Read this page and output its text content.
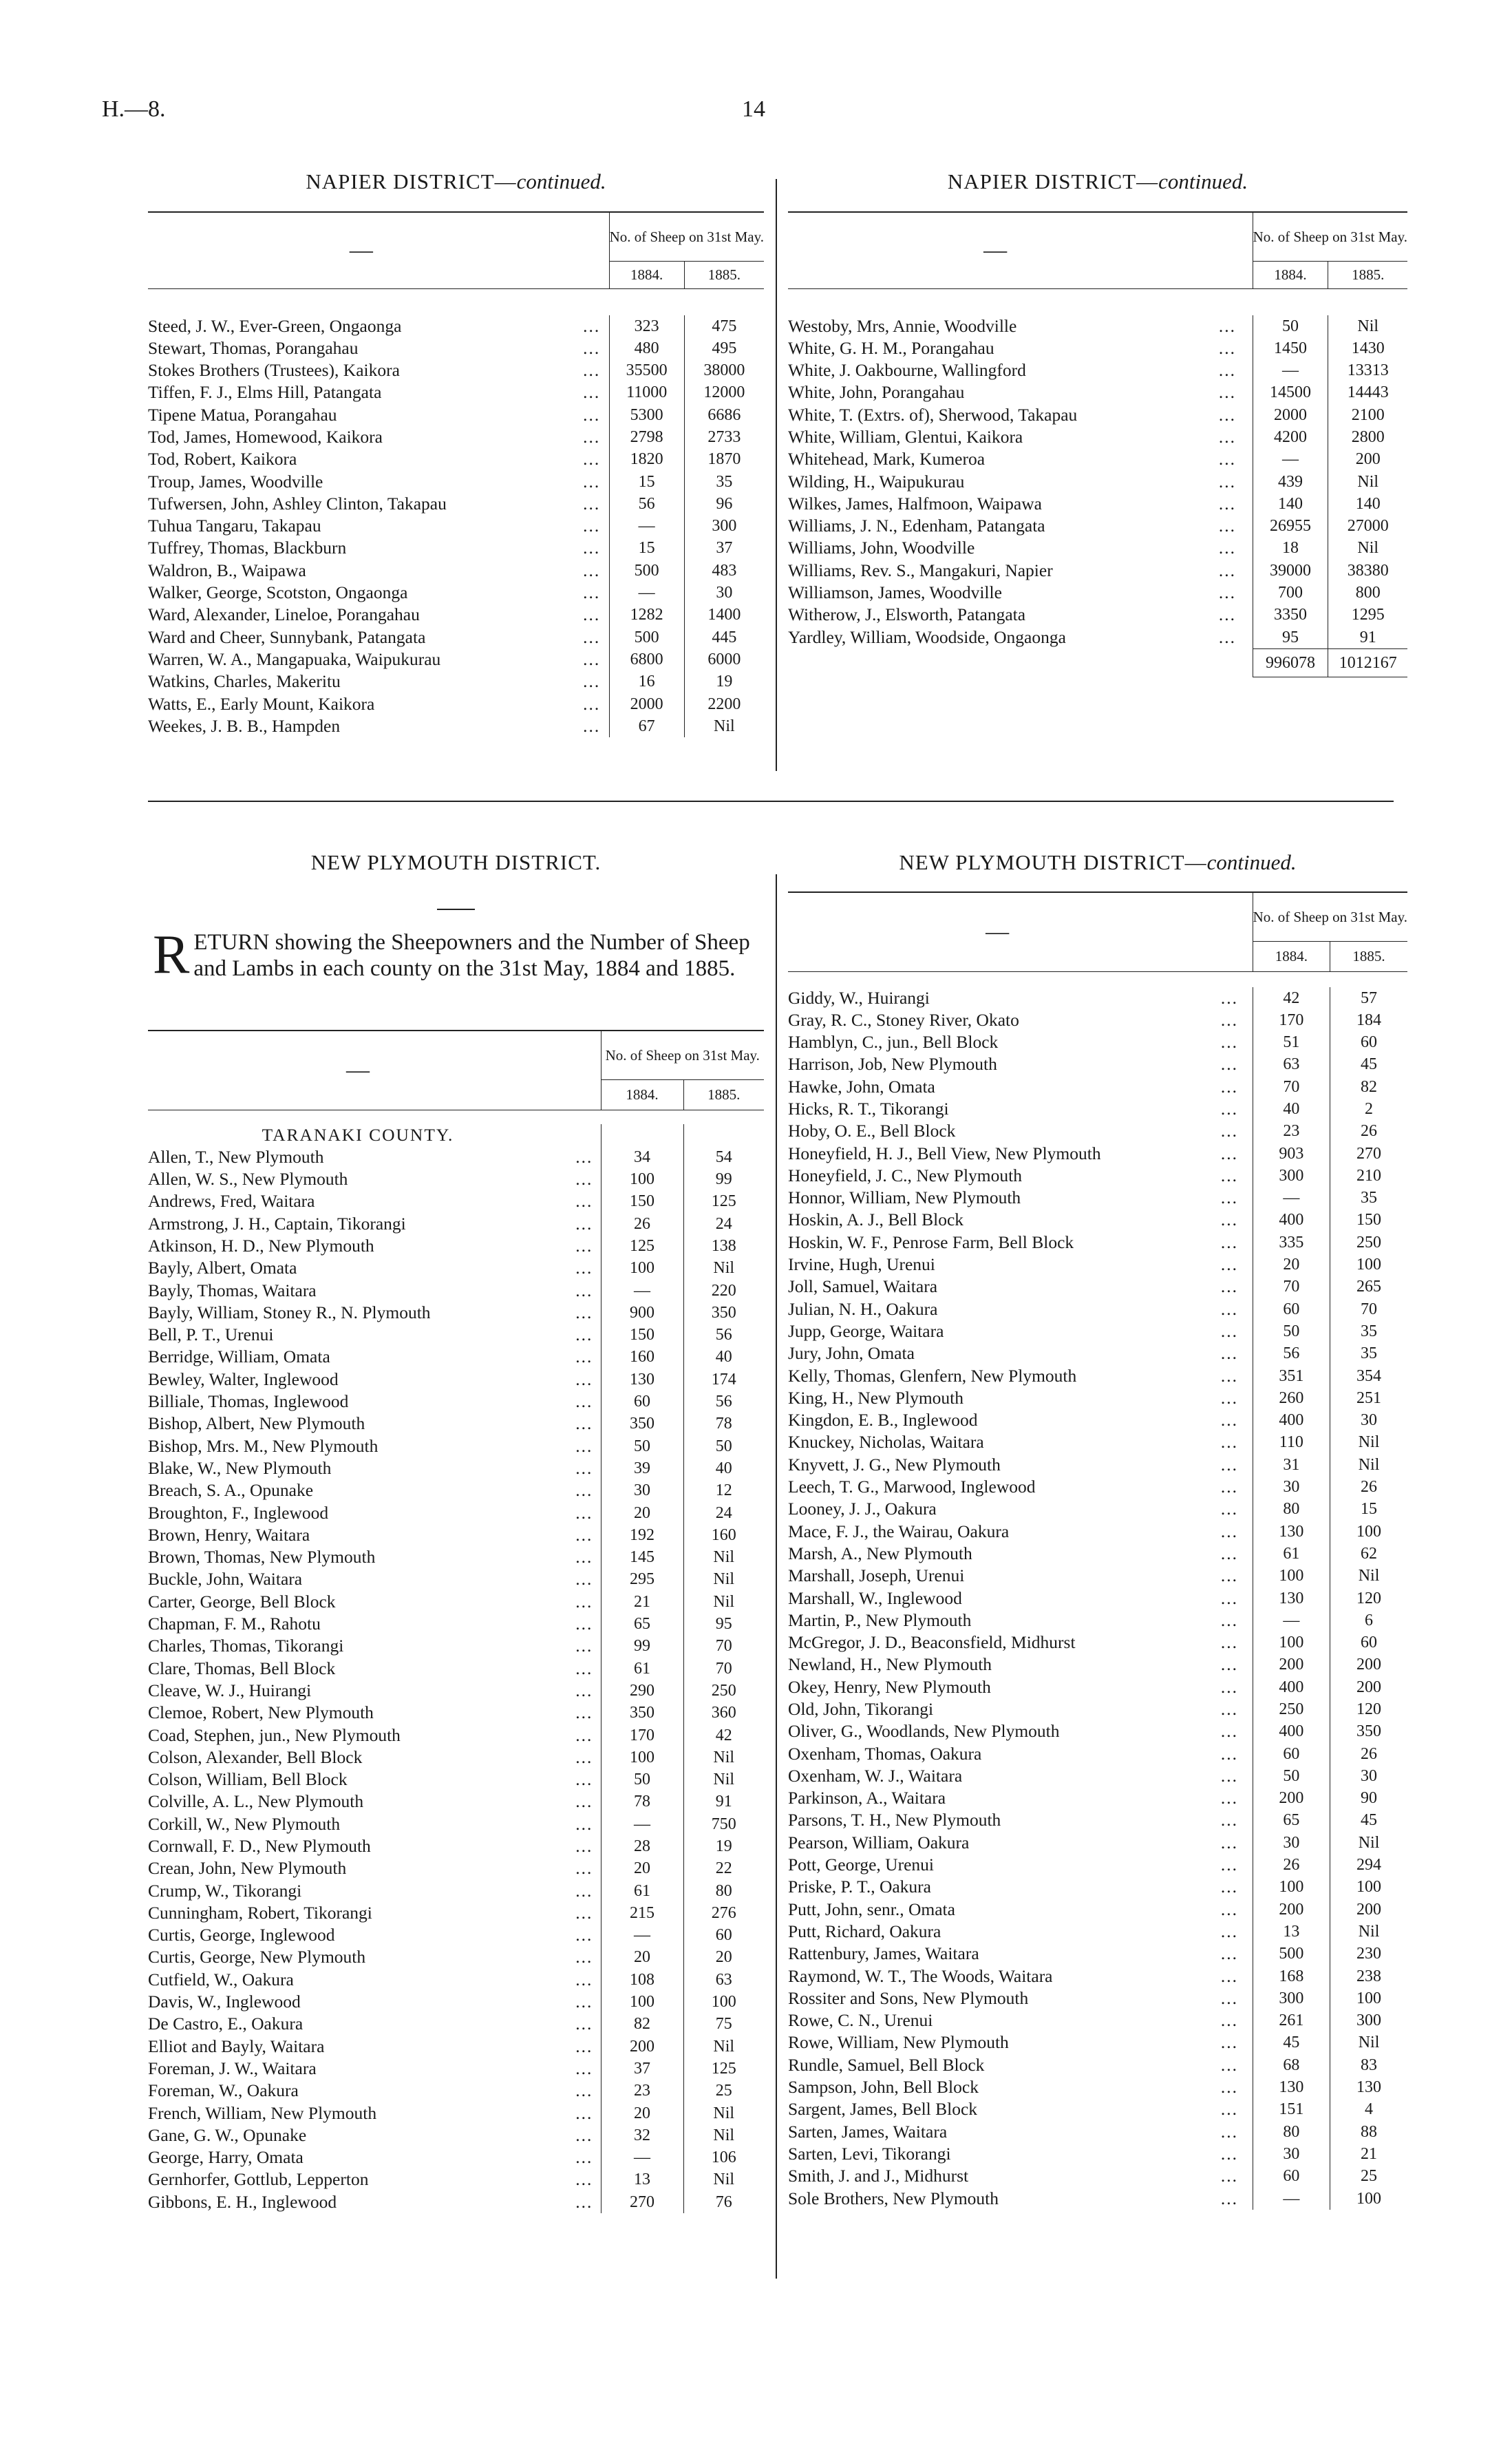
H.—8.	14
NAPIER DISTRICT—continued.
—		No. of Sheep on 31st May.	
		1884.	1885.

Steed, J. W., Ever-Green, Ongaonga	...	323	475
Stewart, Thomas, Porangahau	...	480	495
Stokes Brothers (Trustees), Kaikora	...	35500	38000
Tiffen, F. J., Elms Hill, Patangata	...	11000	12000
Tipene Matua, Porangahau	...	5300	6686
Tod, James, Homewood, Kaikora	...	2798	2733
Tod, Robert, Kaikora	...	1820	1870
Troup, James, Woodville	...	15	35
Tufwersen, John, Ashley Clinton, Takapau	...	56	96
Tuhua Tangaru, Takapau	...	—	300
Tuffrey, Thomas, Blackburn	...	15	37
Waldron, B., Waipawa	...	500	483
Walker, George, Scotston, Ongaonga	...	—	30
Ward, Alexander, Lineloe, Porangahau	...	1282	1400
Ward and Cheer, Sunnybank, Patangata	...	500	445
Warren, W. A., Mangapuaka, Waipukurau	...	6800	6000
Watkins, Charles, Makeritu	...	16	19
Watts, E., Early Mount, Kaikora	...	2000	2200
Weekes, J. B. B., Hampden	...	67	Nil
NAPIER DISTRICT—continued.
—		No. of Sheep on 31st May.	
		1884.	1885.

Westoby, Mrs, Annie, Woodville	...	50	Nil
White, G. H. M., Porangahau	...	1450	1430
White, J. Oakbourne, Wallingford	...	—	13313
White, John, Porangahau	...	14500	14443
White, T. (Extrs. of), Sherwood, Takapau	...	2000	2100
White, William, Glentui, Kaikora	...	4200	2800
Whitehead, Mark, Kumeroa	...	—	200
Wilding, H., Waipukurau	...	439	Nil
Wilkes, James, Halfmoon, Waipawa	...	140	140
Williams, J. N., Edenham, Patangata	...	26955	27000
Williams, John, Woodville	...	18	Nil
Williams, Rev. S., Mangakuri, Napier	...	39000	38380
Williamson, James, Woodville	...	700	800
Witherow, J., Elsworth, Patangata	...	3350	1295
Yardley, William, Woodside, Ongaonga	...	95	91
		996078	1012167
NEW PLYMOUTH DISTRICT.
RETURN showing the Sheepowners and the Number of Sheep and Lambs in each county on the 31st May, 1884 and 1885.
—		No. of Sheep on 31st May.	
		1884.	1885.

TARANAKI COUNTY.			
Allen, T., New Plymouth	...	34	54
Allen, W. S., New Plymouth	...	100	99
Andrews, Fred, Waitara	...	150	125
Armstrong, J. H., Captain, Tikorangi	...	26	24
Atkinson, H. D., New Plymouth	...	125	138
Bayly, Albert, Omata	...	100	Nil
Bayly, Thomas, Waitara	...	—	220
Bayly, William, Stoney R., N. Plymouth	...	900	350
Bell, P. T., Urenui	...	150	56
Berridge, William, Omata	...	160	40
Bewley, Walter, Inglewood	...	130	174
Billiale, Thomas, Inglewood	...	60	56
Bishop, Albert, New Plymouth	...	350	78
Bishop, Mrs. M., New Plymouth	...	50	50
Blake, W., New Plymouth	...	39	40
Breach, S. A., Opunake	...	30	12
Broughton, F., Inglewood	...	20	24
Brown, Henry, Waitara	...	192	160
Brown, Thomas, New Plymouth	...	145	Nil
Buckle, John, Waitara	...	295	Nil
Carter, George, Bell Block	...	21	Nil
Chapman, F. M., Rahotu	...	65	95
Charles, Thomas, Tikorangi	...	99	70
Clare, Thomas, Bell Block	...	61	70
Cleave, W. J., Huirangi	...	290	250
Clemoe, Robert, New Plymouth	...	350	360
Coad, Stephen, jun., New Plymouth	...	170	42
Colson, Alexander, Bell Block	...	100	Nil
Colson, William, Bell Block	...	50	Nil
Colville, A. L., New Plymouth	...	78	91
Corkill, W., New Plymouth	...	—	750
Cornwall, F. D., New Plymouth	...	28	19
Crean, John, New Plymouth	...	20	22
Crump, W., Tikorangi	...	61	80
Cunningham, Robert, Tikorangi	...	215	276
Curtis, George, Inglewood	...	—	60
Curtis, George, New Plymouth	...	20	20
Cutfield, W., Oakura	...	108	63
Davis, W., Inglewood	...	100	100
De Castro, E., Oakura	...	82	75
Elliot and Bayly, Waitara	...	200	Nil
Foreman, J. W., Waitara	...	37	125
Foreman, W., Oakura	...	23	25
French, William, New Plymouth	...	20	Nil
Gane, G. W., Opunake	...	32	Nil
George, Harry, Omata	...	—	106
Gernhorfer, Gottlub, Lepperton	...	13	Nil
Gibbons, E. H., Inglewood	...	270	76
NEW PLYMOUTH DISTRICT—continued.
—		No. of Sheep on 31st May.	
		1884.	1885.

Giddy, W., Huirangi	...	42	57
Gray, R. C., Stoney River, Okato	...	170	184
Hamblyn, C., jun., Bell Block	...	51	60
Harrison, Job, New Plymouth	...	63	45
Hawke, John, Omata	...	70	82
Hicks, R. T., Tikorangi	...	40	2
Hoby, O. E., Bell Block	...	23	26
Honeyfield, H. J., Bell View, New Plymouth	...	903	270
Honeyfield, J. C., New Plymouth	...	300	210
Honnor, William, New Plymouth	...	—	35
Hoskin, A. J., Bell Block	...	400	150
Hoskin, W. F., Penrose Farm, Bell Block	...	335	250
Irvine, Hugh, Urenui	...	20	100
Joll, Samuel, Waitara	...	70	265
Julian, N. H., Oakura	...	60	70
Jupp, George, Waitara	...	50	35
Jury, John, Omata	...	56	35
Kelly, Thomas, Glenfern, New Plymouth	...	351	354
King, H., New Plymouth	...	260	251
Kingdon, E. B., Inglewood	...	400	30
Knuckey, Nicholas, Waitara	...	110	Nil
Knyvett, J. G., New Plymouth	...	31	Nil
Leech, T. G., Marwood, Inglewood	...	30	26
Looney, J. J., Oakura	...	80	15
Mace, F. J., the Wairau, Oakura	...	130	100
Marsh, A., New Plymouth	...	61	62
Marshall, Joseph, Urenui	...	100	Nil
Marshall, W., Inglewood	...	130	120
Martin, P., New Plymouth	...	—	6
McGregor, J. D., Beaconsfield, Midhurst	...	100	60
Newland, H., New Plymouth	...	200	200
Okey, Henry, New Plymouth	...	400	200
Old, John, Tikorangi	...	250	120
Oliver, G., Woodlands, New Plymouth	...	400	350
Oxenham, Thomas, Oakura	...	60	26
Oxenham, W. J., Waitara	...	50	30
Parkinson, A., Waitara	...	200	90
Parsons, T. H., New Plymouth	...	65	45
Pearson, William, Oakura	...	30	Nil
Pott, George, Urenui	...	26	294
Priske, P. T., Oakura	...	100	100
Putt, John, senr., Omata	...	200	200
Putt, Richard, Oakura	...	13	Nil
Rattenbury, James, Waitara	...	500	230
Raymond, W. T., The Woods, Waitara	...	168	238
Rossiter and Sons, New Plymouth	...	300	100
Rowe, C. N., Urenui	...	261	300
Rowe, William, New Plymouth	...	45	Nil
Rundle, Samuel, Bell Block	...	68	83
Sampson, John, Bell Block	...	130	130
Sargent, James, Bell Block	...	151	4
Sarten, James, Waitara	...	80	88
Sarten, Levi, Tikorangi	...	30	21
Smith, J. and J., Midhurst	...	60	25
Sole Brothers, New Plymouth	...	—	100
